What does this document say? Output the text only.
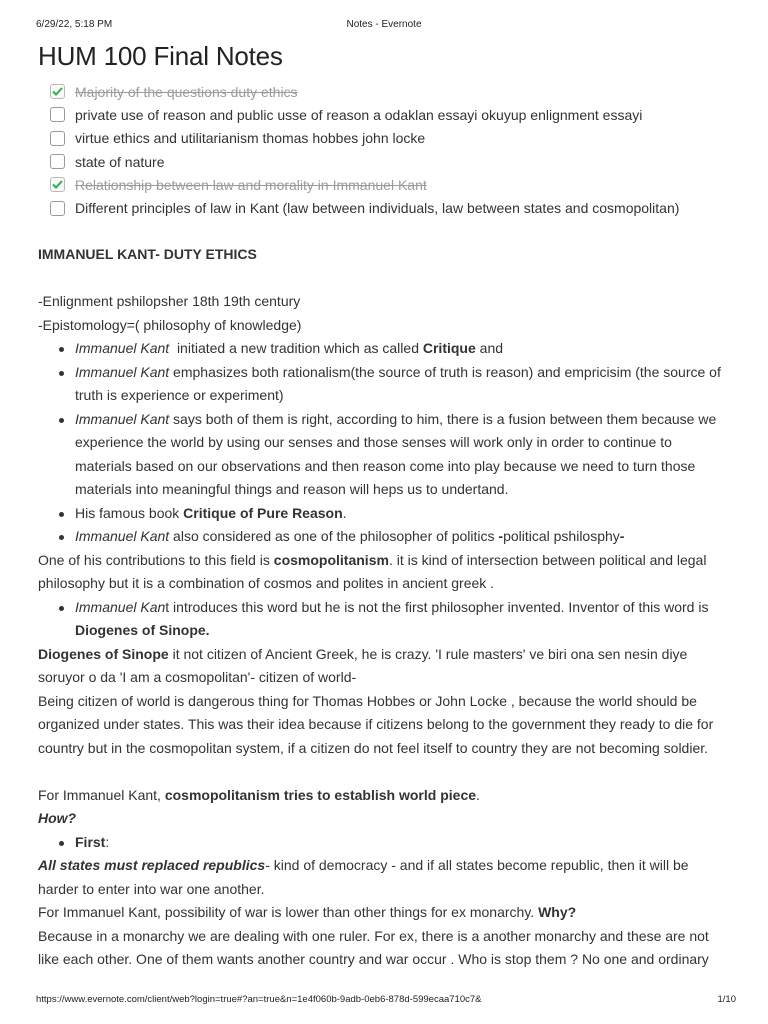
6/29/22, 5:18 PM	Notes - Evernote
HUM 100 Final Notes
Majority of the questions duty ethics
private use of reason and public usse of reason a odaklan essayi okuyup enlignment essayi
virtue ethics and utilitarianism thomas hobbes john locke
state of nature
Relationship between law and morality in Immanuel Kant
Different principles of law in Kant (law between individuals, law between states and cosmopolitan)

IMMANUEL KANT- DUTY ETHICS

-Enlignment pshilopsher 18th 19th century

-Epistomology=( philosophy of knowledge)

Immanuel Kant  initiated a new tradition which as called Critique and
Immanuel Kant emphasizes both rationalism(the source of truth is reason) and empricisim (the source of truth is experience or experiment)
Immanuel Kant says both of them is right, according to him, there is a fusion between them because we experience the world by using our senses and those senses will work only in order to continue to materials based on our observations and then reason come into play because we need to turn those materials into meaningful things and reason will heps us to undertand.
His famous book Critique of Pure Reason.
Immanuel Kant also considered as one of the philosopher of politics -political pshilosphy-

One of his contributions to this field is cosmopolitanism. it is kind of intersection between political and legal philosophy but it is a combination of cosmos and polites in ancient greek .

Immanuel Kant introduces this word but he is not the first philosopher invented. Inventor of this word is Diogenes of Sinope.

Diogenes of Sinope it not citizen of Ancient Greek, he is crazy. 'I rule masters' ve biri ona sen nesin diye soruyor o da 'I am a cosmopolitan'- citizen of world-

Being citizen of world is dangerous thing for Thomas Hobbes or John Locke , because the world should be organized under states. This was their idea because if citizens belong to the government they ready to die for country but in the cosmopolitan system, if a citizen do not feel itself to country they are not becoming soldier.

For Immanuel Kant, cosmopolitanism tries to establish world piece.

How?

First:

All states must replaced republics- kind of democracy - and if all states become republic, then it will be harder to enter into war one another.

For Immanuel Kant, possibility of war is lower than other things for ex monarchy. Why?

Because in a monarchy we are dealing with one ruler. For ex, there is a another monarchy and these are not like each other. One of them wants another country and war occur . Who is stop them ? No one and ordinary

https://www.evernote.com/client/web?login=true#?an=true&n=1e4f060b-9adb-0eb6-878d-599ecaa710c7&	1/10
